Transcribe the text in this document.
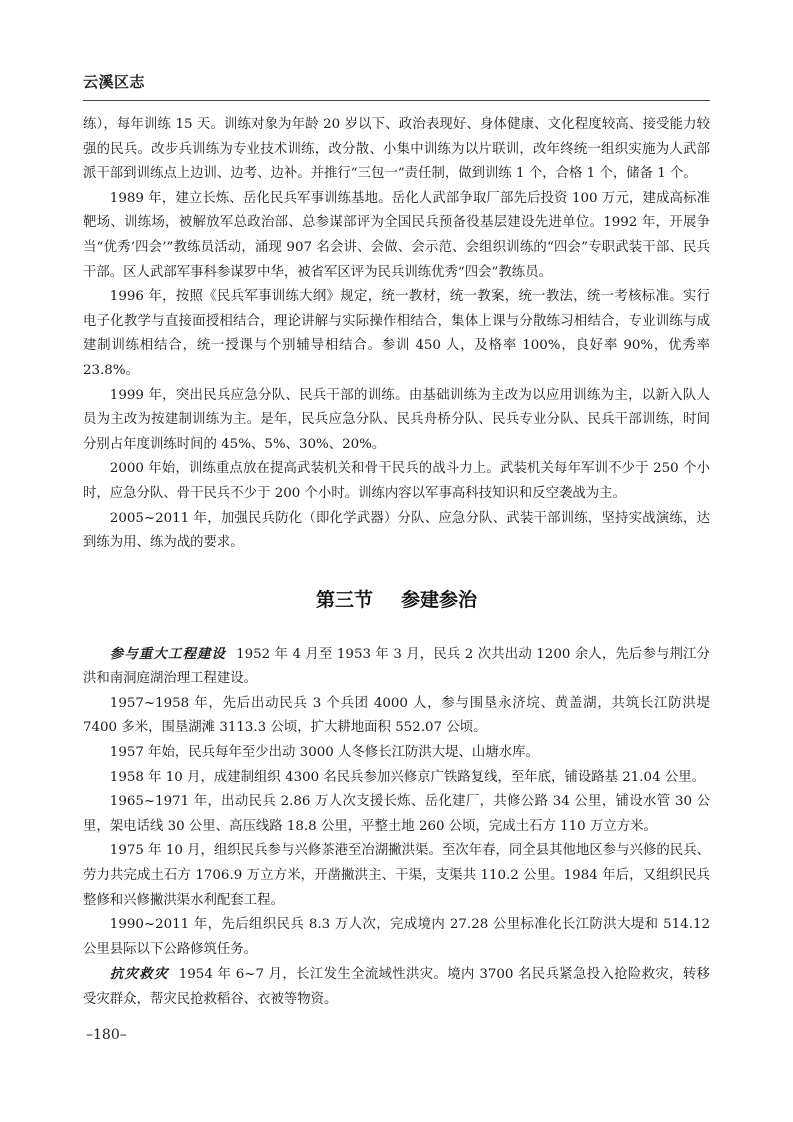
云溪区志

练），每年训练 15 天。训练对象为年龄 20 岁以下、政治表现好、身体健康、文化程度较高、接受能力较强的民兵。改步兵训练为专业技术训练，改分散、小集中训练为以片联训，改年终统一组织实施为人武部派干部到训练点上边训、边考、边补。并推行“三包一”责任制，做到训练 1 个，合格 1 个，储备 1 个。

1989 年，建立长炼、岳化民兵军事训练基地。岳化人武部争取厂部先后投资 100 万元，建成高标准靶场、训练场，被解放军总政治部、总参谋部评为全国民兵预备役基层建设先进单位。1992 年，开展争当“优秀‘四会’”教练员活动，涌现 907 名会讲、会做、会示范、会组织训练的“四会”专职武装干部、民兵干部。区人武部军事科参谋罗中华，被省军区评为民兵训练优秀“四会”教练员。

1996 年，按照《民兵军事训练大纲》规定，统一教材，统一教案，统一教法，统一考核标准。实行电子化教学与直接面授相结合，理论讲解与实际操作相结合，集体上课与分散练习相结合，专业训练与成建制训练相结合，统一授课与个别辅导相结合。参训 450 人，及格率 100%，良好率 90%，优秀率 23.8%。

1999 年，突出民兵应急分队、民兵干部的训练。由基础训练为主改为以应用训练为主，以新入队人员为主改为按建制训练为主。是年，民兵应急分队、民兵舟桥分队、民兵专业分队、民兵干部训练，时间分别占年度训练时间的 45%、5%、30%、20%。

2000 年始，训练重点放在提高武装机关和骨干民兵的战斗力上。武装机关每年军训不少于 250 个小时，应急分队、骨干民兵不少于 200 个小时。训练内容以军事高科技知识和反空袭战为主。

2005~2011 年，加强民兵防化（即化学武器）分队、应急分队、武装干部训练，坚持实战演练，达到练为用、练为战的要求。

第三节 参建参治

参与重大工程建设 1952 年 4 月至 1953 年 3 月，民兵 2 次共出动 1200 余人，先后参与荆江分洪和南洞庭湖治理工程建设。

1957~1958 年，先后出动民兵 3 个兵团 4000 人，参与围垦永济垸、黄盖湖，共筑长江防洪堤 7400 多米，围垦湖滩 3113.3 公顷，扩大耕地面积 552.07 公顷。

1957 年始，民兵每年至少出动 3000 人冬修长江防洪大堤、山塘水库。

1958 年 10 月，成建制组织 4300 名民兵参加兴修京广铁路复线，至年底，铺设路基 21.04 公里。

1965~1971 年，出动民兵 2.86 万人次支援长炼、岳化建厂，共修公路 34 公里，铺设水管 30 公里，架电话线 30 公里、高压线路 18.8 公里，平整土地 260 公顷，完成土石方 110 万立方米。

1975 年 10 月，组织民兵参与兴修茶港至冶湖撇洪渠。至次年春，同全县其他地区参与兴修的民兵、劳力共完成土石方 1706.9 万立方米，开凿撇洪主、干渠，支渠共 110.2 公里。1984 年后，又组织民兵整修和兴修撇洪渠水利配套工程。

1990~2011 年，先后组织民兵 8.3 万人次，完成境内 27.28 公里标准化长江防洪大堤和 514.12 公里县际以下公路修筑任务。

抗灾救灾 1954 年 6~7 月，长江发生全流域性洪灾。境内 3700 名民兵紧急投入抢险救灾，转移受灾群众，帮灾民抢救稻谷、衣被等物资。

–180–
